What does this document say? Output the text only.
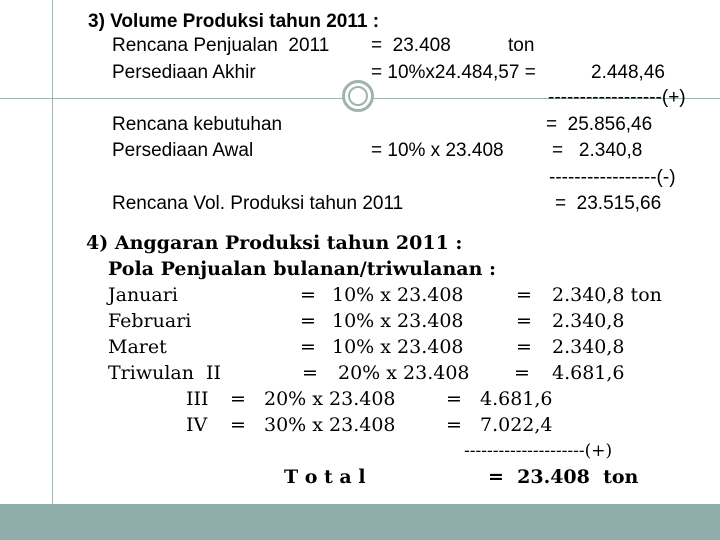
3) Volume Produksi tahun 2011 :
Rencana Penjualan  2011 =  23.408	ton
Persediaan Akhir	= 10%x24.484,57 =	2.448,46
------------------(+)
Rencana kebutuhan	=  25.856,46
Persediaan Awal	= 10% x 23.408	=   2.340,8
-----------------(-)
Rencana Vol. Produksi tahun 2011	=  23.515,66
4) Anggaran Produksi tahun 2011 :
Pola Penjualan bulanan/triwulanan :
Januari	= 10% x 23.408	= 2.340,8 ton
Februari	= 10% x 23.408	= 2.340,8
Maret	= 10% x 23.408	= 2.340,8
Triwulan  II	= 20% x 23.408 = 4.681,6
III = 20% x 23.408	= 4.681,6
IV = 30% x 23.408	= 7.022,4
---------------------(+)
T o t a l	=  23.408  ton
